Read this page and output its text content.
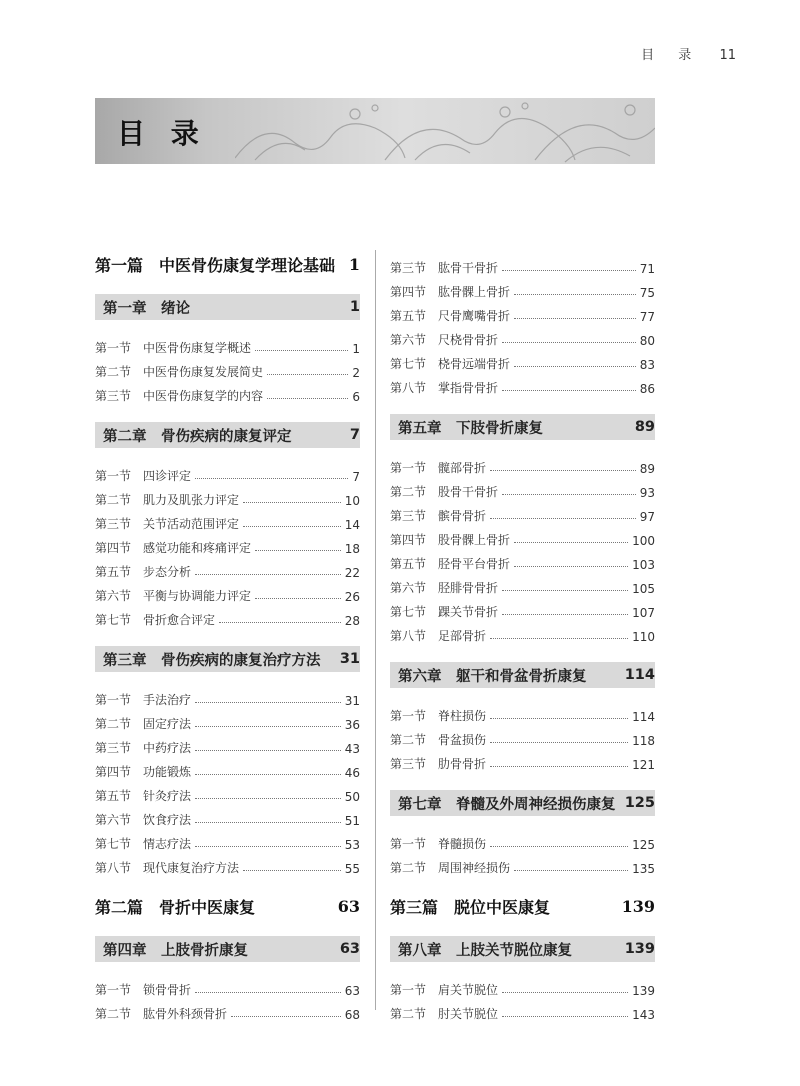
目 录 11
目 录
第一篇　中医骨伤康复学理论基础 1
第一章　绪论	1
第一节 中医骨伤康复学概述	1
第二节 中医骨伤康复发展简史	2
第三节 中医骨伤康复学的内容	6
第二章　骨伤疾病的康复评定	7
第一节 四诊评定	7
第二节 肌力及肌张力评定	10
第三节 关节活动范围评定	14
第四节 感觉功能和疼痛评定	18
第五节 步态分析	22
第六节 平衡与协调能力评定	26
第七节 骨折愈合评定	28
第三章　骨伤疾病的康复治疗方法 31
第一节 手法治疗	31
第二节 固定疗法	36
第三节 中药疗法	43
第四节 功能锻炼	46
第五节 针灸疗法	50
第六节 饮食疗法	51
第七节 情志疗法	53
第八节 现代康复治疗方法	55
第二篇　骨折中医康复	63
第四章　上肢骨折康复	63
第一节 锁骨骨折	63
第二节 肱骨外科颈骨折	68
第三节 肱骨干骨折	71
第四节 肱骨髁上骨折	75
第五节 尺骨鹰嘴骨折	77
第六节 尺桡骨骨折	80
第七节 桡骨远端骨折	83
第八节 掌指骨骨折	86
第五章　下肢骨折康复	89
第一节 髋部骨折	89
第二节 股骨干骨折	93
第三节 髌骨骨折	97
第四节 股骨髁上骨折	100
第五节 胫骨平台骨折	103
第六节 胫腓骨骨折	105
第七节 踝关节骨折	107
第八节 足部骨折	110
第六章　躯干和骨盆骨折康复	114
第一节 脊柱损伤	114
第二节 骨盆损伤	118
第三节 肋骨骨折	121
第七章　脊髓及外周神经损伤康复 125
第一节 脊髓损伤	125
第二节 周围神经损伤	135
第三篇　脱位中医康复	139
第八章　上肢关节脱位康复	139
第一节 肩关节脱位	139
第二节 肘关节脱位	143
